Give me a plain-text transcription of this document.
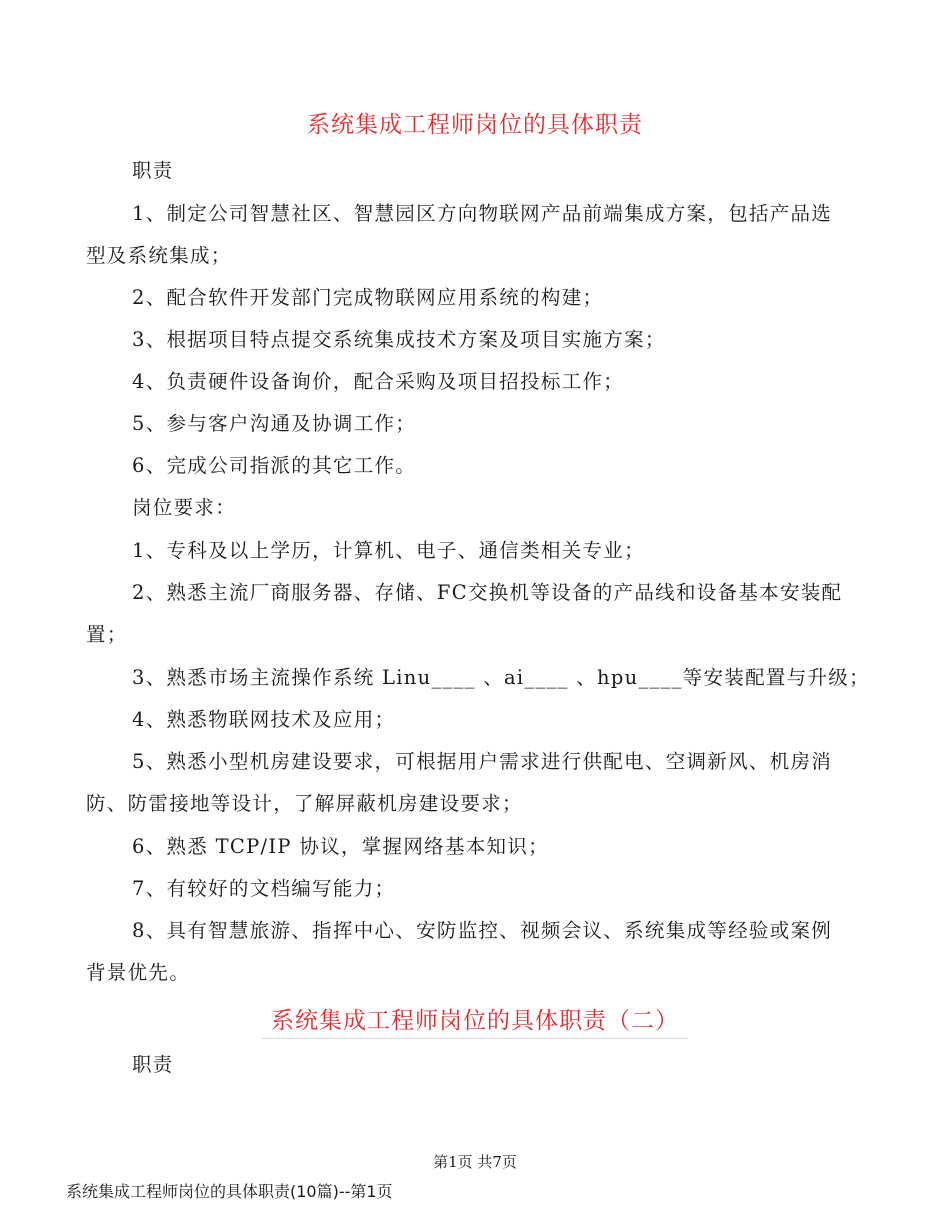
系统集成工程师岗位的具体职责
职责
1、制定公司智慧社区、智慧园区方向物联网产品前端集成方案，包括产品选
型及系统集成；
2、配合软件开发部门完成物联网应用系统的构建；
3、根据项目特点提交系统集成技术方案及项目实施方案；
4、负责硬件设备询价，配合采购及项目招投标工作；
5、参与客户沟通及协调工作；
6、完成公司指派的其它工作。
岗位要求：
1、专科及以上学历，计算机、电子、通信类相关专业；
2、熟悉主流厂商服务器、存储、FC交换机等设备的产品线和设备基本安装配
置；
3、熟悉市场主流操作系统 Linu____ 、ai____ 、hpu____等安装配置与升级；
4、熟悉物联网技术及应用；
5、熟悉小型机房建设要求，可根据用户需求进行供配电、空调新风、机房消
防、防雷接地等设计，了解屏蔽机房建设要求；
6、熟悉 TCP/IP 协议，掌握网络基本知识；
7、有较好的文档编写能力；
8、具有智慧旅游、指挥中心、安防监控、视频会议、系统集成等经验或案例
背景优先。
系统集成工程师岗位的具体职责（二）
职责
第1页 共7页
系统集成工程师岗位的具体职责(10篇)--第1页
